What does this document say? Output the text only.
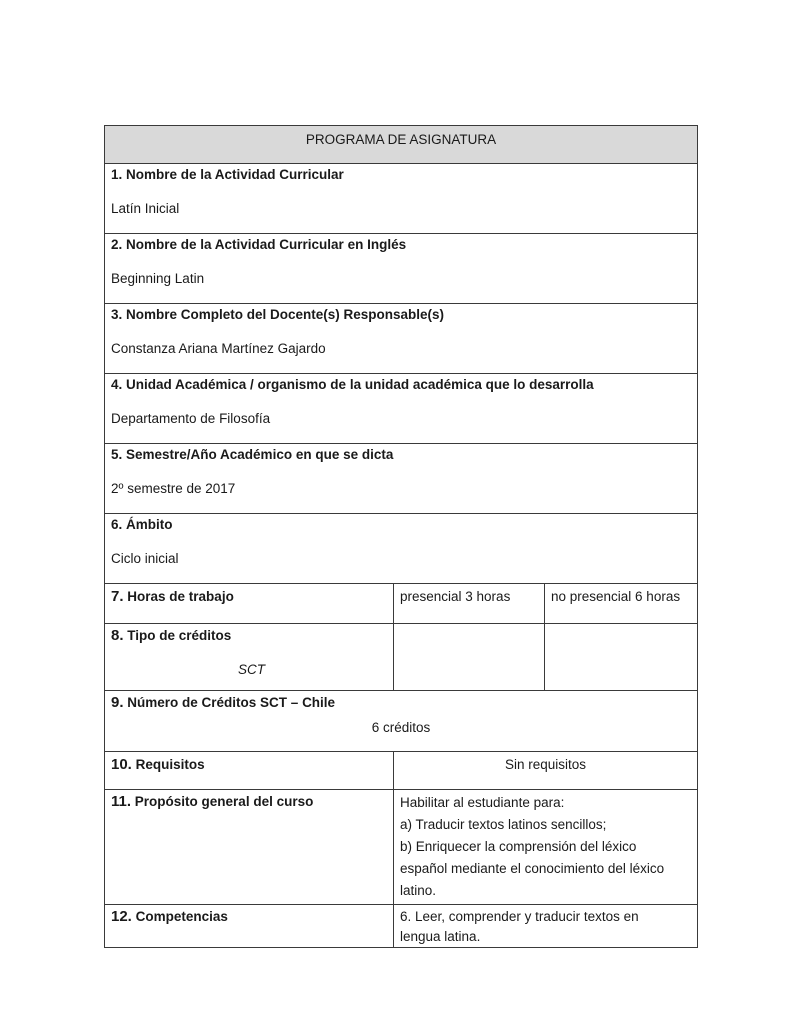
PROGRAMA DE ASIGNATURA		

1. Nombre de la Actividad Curricular
Latín Inicial		

2. Nombre de la Actividad Curricular en Inglés
Beginning Latin		

3. Nombre Completo del Docente(s) Responsable(s)
Constanza Ariana Martínez Gajardo		

4. Unidad Académica / organismo de la unidad académica que lo desarrolla
Departamento de Filosofía		

5. Semestre/Año Académico en que se dicta
2º semestre de 2017		

6. Ámbito
Ciclo inicial		

7. Horas de trabajo	presencial 3 horas	no presencial 6 horas

8. Tipo de créditos
SCT		

9. Número de Créditos SCT – Chile
6 créditos		

10. Requisitos	Sin requisitos	

11. Propósito general del curso	Habilitar al estudiante para:
a) Traducir textos latinos sencillos;
b) Enriquecer la comprensión del léxico
español mediante el conocimiento del léxico
latino.	

12. Competencias	6. Leer, comprender y traducir textos en
lengua latina.	
